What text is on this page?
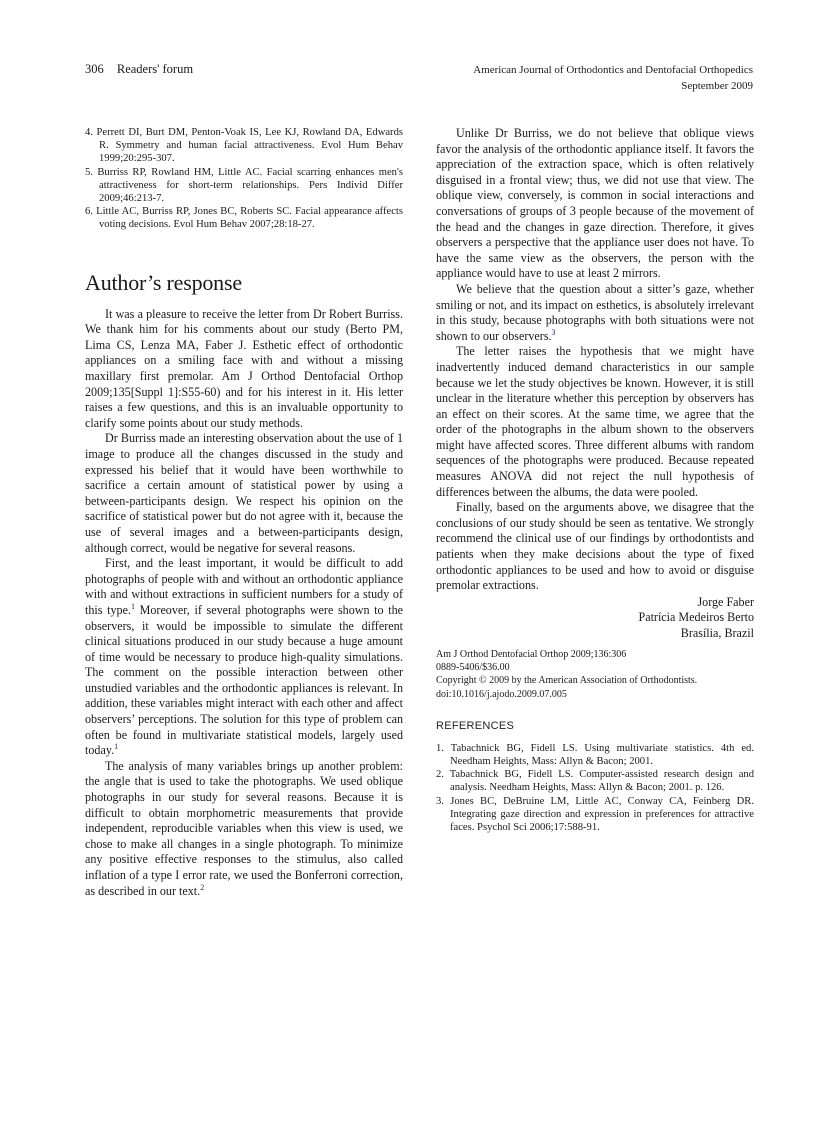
306 Readers' forum	American Journal of Orthodontics and Dentofacial Orthopedics
September 2009
4. Perrett DI, Burt DM, Penton-Voak IS, Lee KJ, Rowland DA, Edwards R. Symmetry and human facial attractiveness. Evol Hum Behav 1999;20:295-307.
5. Burriss RP, Rowland HM, Little AC. Facial scarring enhances men's attractiveness for short-term relationships. Pers Individ Differ 2009;46:213-7.
6. Little AC, Burriss RP, Jones BC, Roberts SC. Facial appearance affects voting decisions. Evol Hum Behav 2007;28:18-27.
Author’s response

It was a pleasure to receive the letter from Dr Robert Burriss. We thank him for his comments about our study (Berto PM, Lima CS, Lenza MA, Faber J. Esthetic effect of orthodontic appliances on a smiling face with and without a missing maxillary first premolar. Am J Orthod Dentofacial Orthop 2009;135[Suppl 1]:S55-60) and for his interest in it. His letter raises a few questions, and this is an invaluable opportunity to clarify some points about our study methods.

Dr Burriss made an interesting observation about the use of 1 image to produce all the changes discussed in the study and expressed his belief that it would have been worthwhile to sacrifice a certain amount of statistical power by using a between-participants design. We respect his opinion on the sacrifice of statistical power but do not agree with it, because the use of several images and a between-participants design, although correct, would be negative for several reasons.

First, and the least important, it would be difficult to add photographs of people with and without an orthodontic appliance with and without extractions in sufficient numbers for a study of this type.$^1$ Moreover, if several photographs were shown to the observers, it would be impossible to simulate the different clinical situations produced in our study because a huge amount of time would be necessary to produce high-quality simulations. The comment on the possible interaction between other unstudied variables and the orthodontic appliances is relevant. In addition, these variables might interact with each other and affect observers’ perceptions. The solution for this type of problem can often be found in multivariate statistical models, largely used today.$^1$

The analysis of many variables brings up another problem: the angle that is used to take the photographs. We used oblique photographs in our study for several reasons. Because it is difficult to obtain morphometric measurements that provide independent, reproducible variables when this view is used, we chose to make all changes in a single photograph. To minimize any positive effective responses to the stimulus, also called inflation of a type I error rate, we used the Bonferroni correction, as described in our text.$^2$

Unlike Dr Burriss, we do not believe that oblique views favor the analysis of the orthodontic appliance itself. It favors the appreciation of the extraction space, which is often relatively disguised in a frontal view; thus, we did not use that view. The oblique view, conversely, is common in social interactions and conversations of groups of 3 people because of the movement of the head and the changes in gaze direction. Therefore, it gives observers a perspective that the appliance user does not have. To have the same view as the observers, the person with the appliance would have to use at least 2 mirrors.

We believe that the question about a sitter’s gaze, whether smiling or not, and its impact on esthetics, is absolutely irrelevant in this study, because photographs with both situations were not shown to our observers.$^3$

The letter raises the hypothesis that we might have inadvertently induced demand characteristics in our sample because we let the study objectives be known. However, it is still unclear in the literature whether this perception by observers has an effect on their scores. At the same time, we agree that the order of the photographs in the album shown to the observers might have affected scores. Three different albums with random sequences of the photographs were produced. Because repeated measures ANOVA did not reject the null hypothesis of differences between the albums, the data were pooled.

Finally, based on the arguments above, we disagree that the conclusions of our study should be seen as tentative. We strongly recommend the clinical use of our findings by orthodontists and patients when they make decisions about the type of fixed orthodontic appliances to be used and how to avoid or disguise premolar extractions.

Jorge Faber
Patrícia Medeiros Berto
Brasília, Brazil
Am J Orthod Dentofacial Orthop 2009;136:306
0889-5406/$36.00
Copyright © 2009 by the American Association of Orthodontists.
doi:10.1016/j.ajodo.2009.07.005
REFERENCES
1. Tabachnick BG, Fidell LS. Using multivariate statistics. 4th ed. Needham Heights, Mass: Allyn & Bacon; 2001.
2. Tabachnick BG, Fidell LS. Computer-assisted research design and analysis. Needham Heights, Mass: Allyn & Bacon; 2001. p. 126.
3. Jones BC, DeBruine LM, Little AC, Conway CA, Feinberg DR. Integrating gaze direction and expression in preferences for attractive faces. Psychol Sci 2006;17:588-91.
